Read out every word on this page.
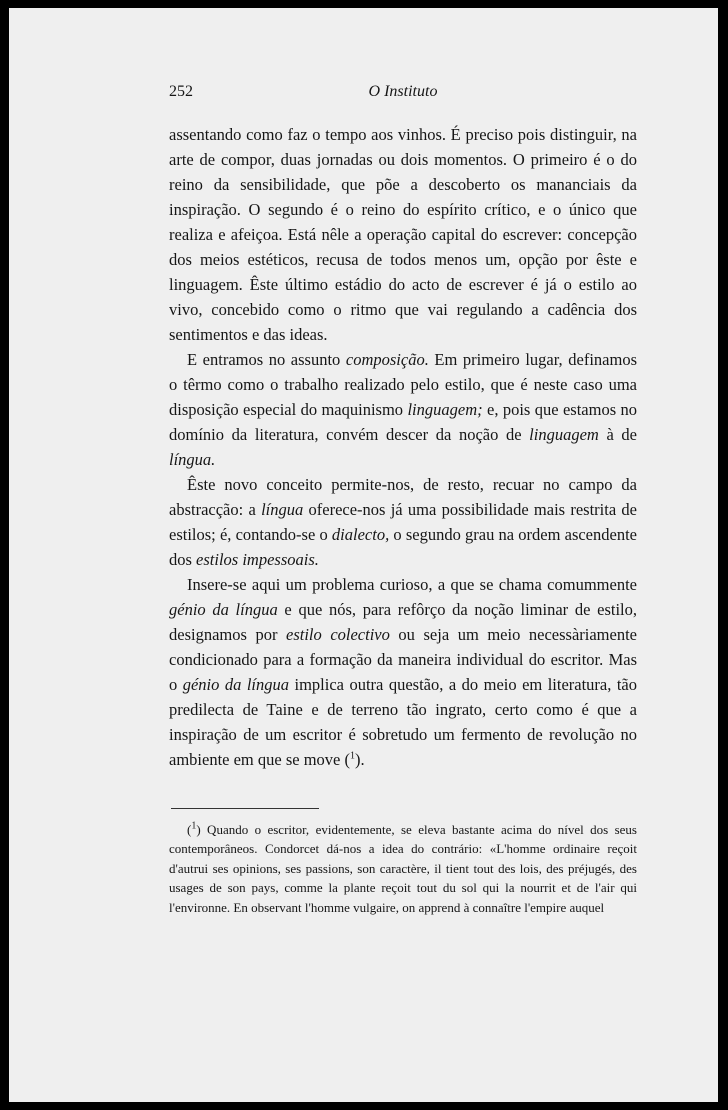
252	O Instituto

assentando como faz o tempo aos vinhos. É preciso pois distinguir, na arte de compor, duas jornadas ou dois momentos. O primeiro é o do reino da sensibilidade, que põe a descoberto os mananciais da inspiração. O segundo é o reino do espírito crítico, e o único que realiza e afeiçoa. Está nêle a operação capital do escrever: concepção dos meios estéticos, recusa de todos menos um, opção por êste e linguagem. Êste último estádio do acto de escrever é já o estilo ao vivo, concebido como o ritmo que vai regulando a cadência dos sentimentos e das ideas.

E entramos no assunto composição. Em primeiro lugar, definamos o têrmo como o trabalho realizado pelo estilo, que é neste caso uma disposição especial do maquinismo linguagem; e, pois que estamos no domínio da literatura, convém descer da noção de linguagem à de língua.

Êste novo conceito permite-nos, de resto, recuar no campo da abstracção: a língua oferece-nos já uma possibilidade mais restrita de estilos; é, contando-se o dialecto, o segundo grau na ordem ascendente dos estilos impessoais.

Insere-se aqui um problema curioso, a que se chama comummente génio da língua e que nós, para refôrço da noção liminar de estilo, designamos por estilo colectivo ou seja um meio necessàriamente condicionado para a formação da maneira individual do escritor. Mas o génio da língua implica outra questão, a do meio em literatura, tão predilecta de Taine e de terreno tão ingrato, certo como é que a inspiração de um escritor é sobretudo um fermento de revolução no ambiente em que se move ($^1$).

($^1$) Quando o escritor, evidentemente, se eleva bastante acima do nível dos seus contemporâneos. Condorcet dá-nos a idea do contrário: «L'homme ordinaire reçoit d'autrui ses opinions, ses passions, son caractère, il tient tout des lois, des préjugés, des usages de son pays, comme la plante reçoit tout du sol qui la nourrit et de l'air qui l'environne. En observant l'homme vulgaire, on apprend à connaître l'empire auquel
